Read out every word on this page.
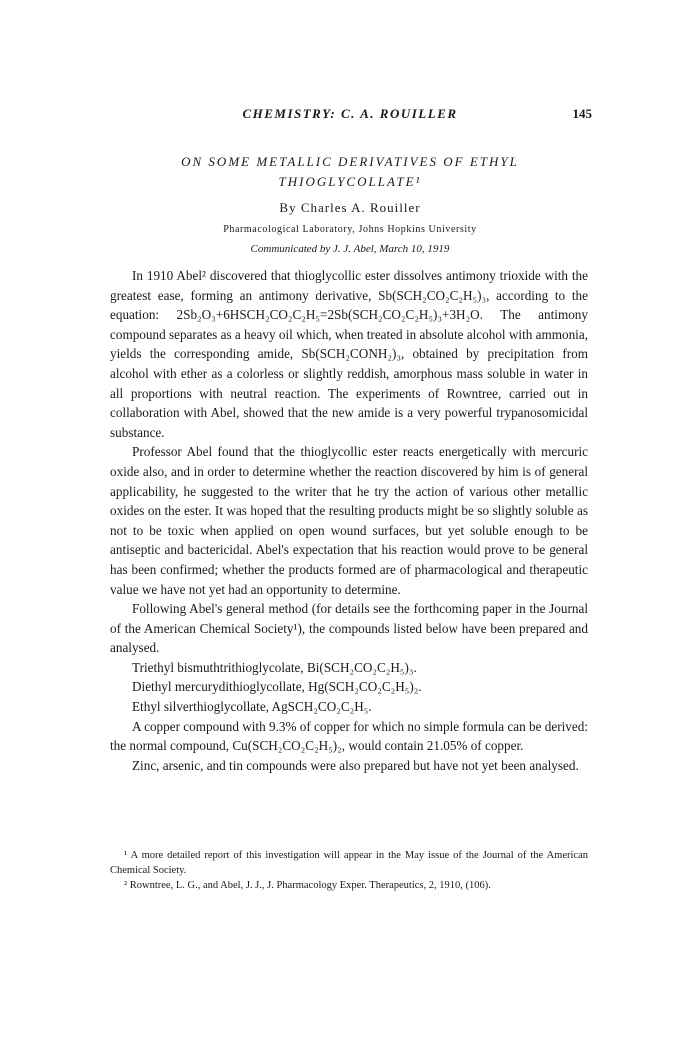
CHEMISTRY: C. A. ROUILLER	145
ON SOME METALLIC DERIVATIVES OF ETHYL
THIOGLYCOLLATE¹
By Charles A. Rouiller
Pharmacological Laboratory, Johns Hopkins University
Communicated by J. J. Abel, March 10, 1919

In 1910 Abel² discovered that thioglycollic ester dissolves antimony trioxide with the greatest ease, forming an antimony derivative, Sb(SCH₂CO₂C₂H₅)₃, according to the equation: 2Sb₂O₃+6HSCH₂CO₂C₂H₅=2Sb(SCH₂CO₂C₂H₅)₃+3H₂O. The antimony compound separates as a heavy oil which, when treated in absolute alcohol with ammonia, yields the corresponding amide, Sb(SCH₂CONH₂)₃, obtained by precipitation from alcohol with ether as a colorless or slightly reddish, amorphous mass soluble in water in all proportions with neutral reaction. The experiments of Rowntree, carried out in collaboration with Abel, showed that the new amide is a very powerful trypanosomicidal substance.

Professor Abel found that the thioglycollic ester reacts energetically with mercuric oxide also, and in order to determine whether the reaction discovered by him is of general applicability, he suggested to the writer that he try the action of various other metallic oxides on the ester. It was hoped that the resulting products might be so slightly soluble as not to be toxic when applied on open wound surfaces, but yet soluble enough to be antiseptic and bactericidal. Abel's expectation that his reaction would prove to be general has been confirmed; whether the products formed are of pharmacological and therapeutic value we have not yet had an opportunity to determine.

Following Abel's general method (for details see the forthcoming paper in the Journal of the American Chemical Society¹), the compounds listed below have been prepared and analysed.

Triethyl bismuthtrithioglycolate, Bi(SCH₂CO₂C₂H₅)₃.

Diethyl mercurydithioglycollate, Hg(SCH₂CO₂C₂H₅)₂.

Ethyl silverthioglycollate, AgSCH₂CO₂C₂H₅.

A copper compound with 9.3% of copper for which no simple formula can be derived: the normal compound, Cu(SCH₂CO₂C₂H₅)₂, would contain 21.05% of copper.

Zinc, arsenic, and tin compounds were also prepared but have not yet been analysed.

¹ A more detailed report of this investigation will appear in the May issue of the Journal of the American Chemical Society.

² Rowntree, L. G., and Abel, J. J., J. Pharmacology Exper. Therapeutics, 2, 1910, (106).
